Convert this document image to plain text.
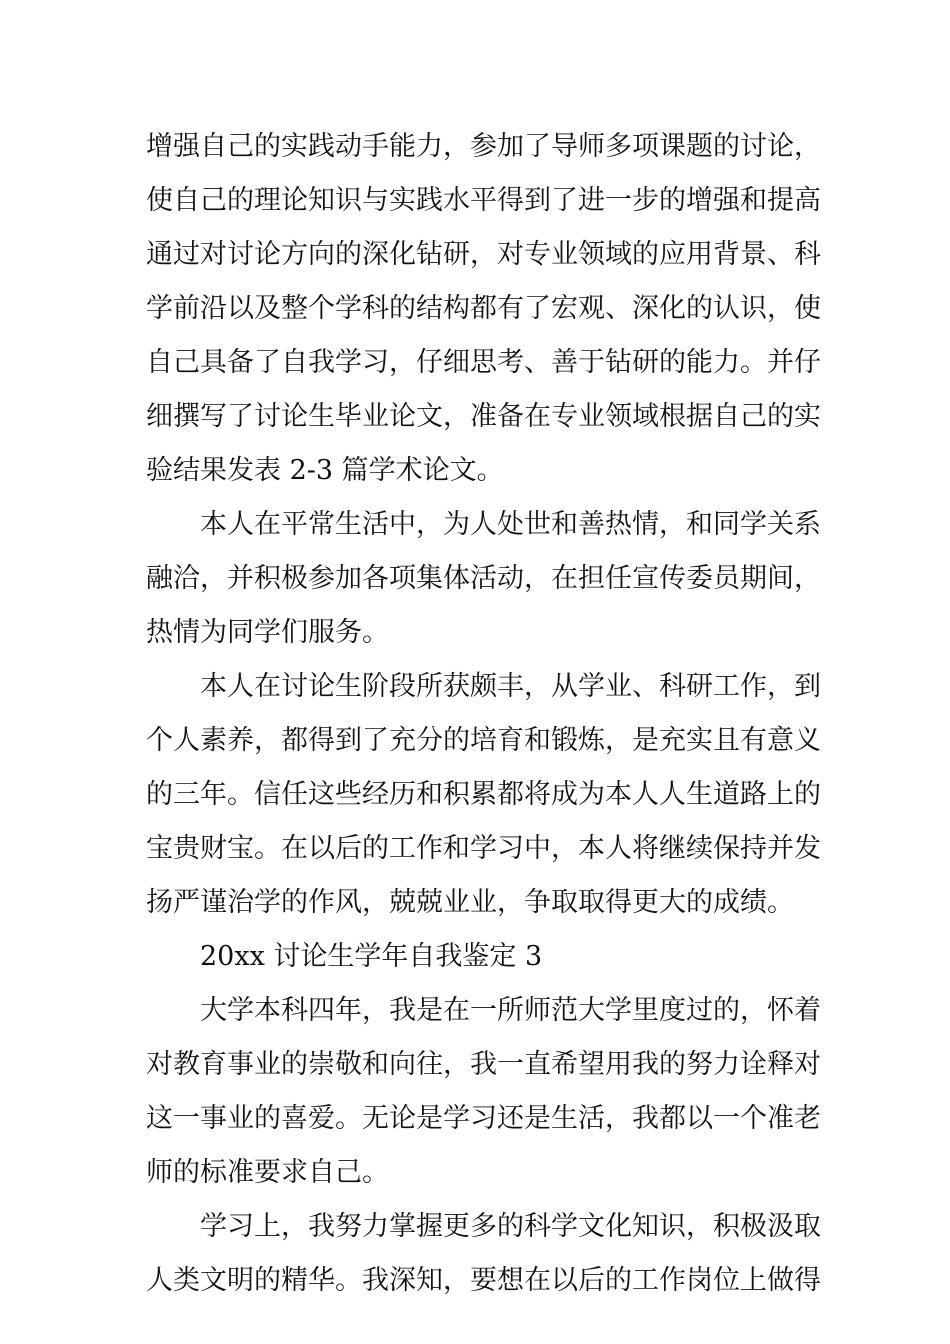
增强自己的实践动手能力，参加了导师多项课题的讨论，
使自己的理论知识与实践水平得到了进一步的增强和提高
通过对讨论方向的深化钻研，对专业领域的应用背景、科
学前沿以及整个学科的结构都有了宏观、深化的认识，使
自己具备了自我学习，仔细思考、善于钻研的能力。并仔
细撰写了讨论生毕业论文，准备在专业领域根据自己的实
验结果发表 2-3 篇学术论文。
本人在平常生活中，为人处世和善热情，和同学关系
融洽，并积极参加各项集体活动，在担任宣传委员期间，
热情为同学们服务。
本人在讨论生阶段所获颇丰，从学业、科研工作，到
个人素养，都得到了充分的培育和锻炼，是充实且有意义
的三年。信任这些经历和积累都将成为本人人生道路上的
宝贵财宝。在以后的工作和学习中，本人将继续保持并发
扬严谨治学的作风，兢兢业业，争取取得更大的成绩。
20xx 讨论生学年自我鉴定 3
大学本科四年，我是在一所师范大学里度过的，怀着
对教育事业的崇敬和向往，我一直希望用我的努力诠释对
这一事业的喜爱。无论是学习还是生活，我都以一个准老
师的标准要求自己。
学习上，我努力掌握更多的科学文化知识，积极汲取
人类文明的精华。我深知，要想在以后的工作岗位上做得
